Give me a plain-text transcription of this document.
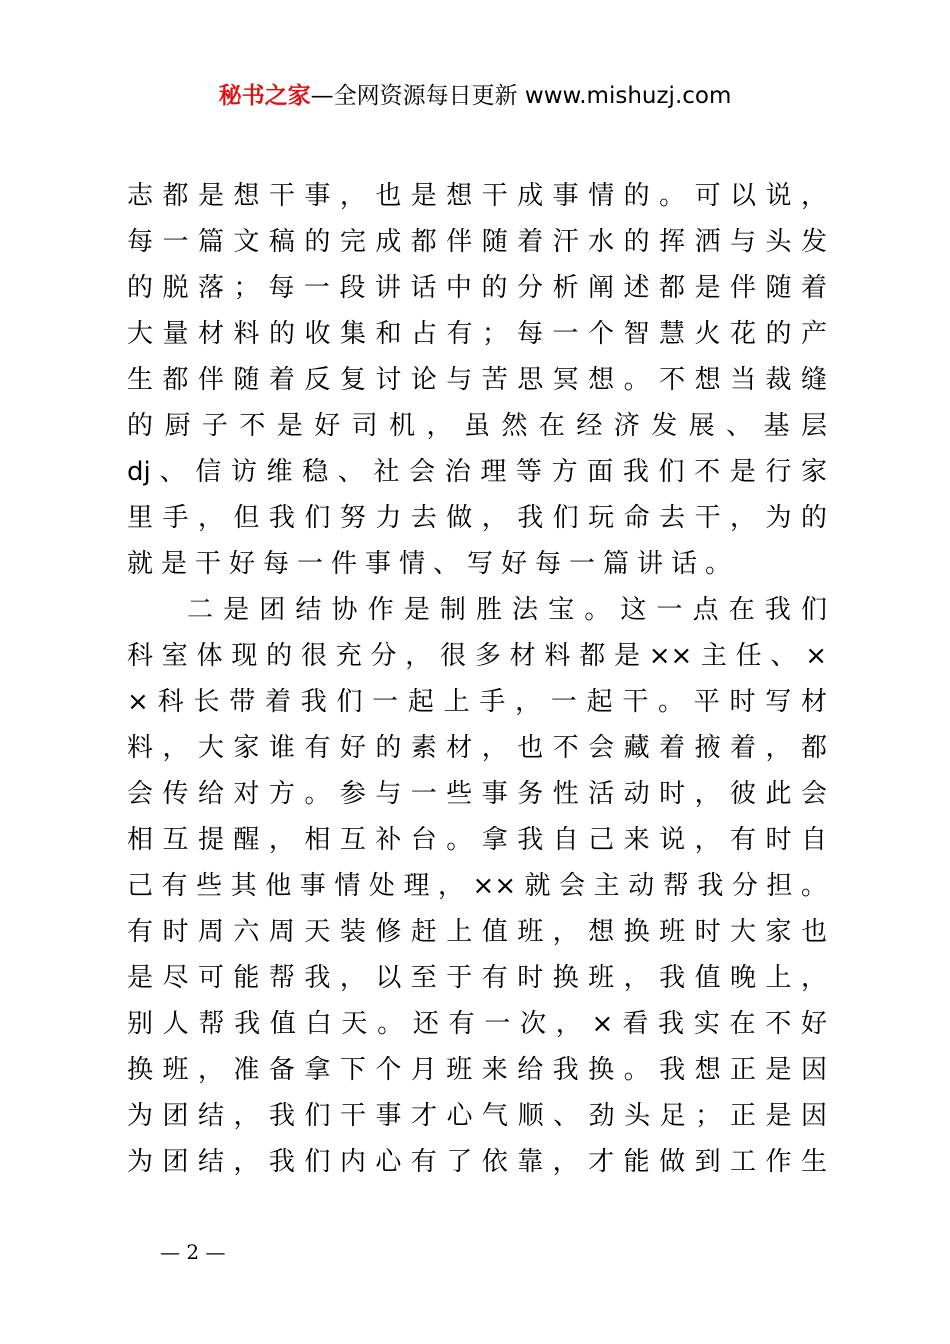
秘书之家—全网资源每日更新 www.mishuzj.com
志 都 是 想 干 事 ， 也 是 想 干 成 事 情 的 。 可 以 说 ，
每 一 篇 文 稿 的 完 成 都 伴 随 着 汗 水 的 挥 洒 与 头 发
的 脱 落 ； 每 一 段 讲 话 中 的 分 析 阐 述 都 是 伴 随 着
大 量 材 料 的 收 集 和 占 有 ； 每 一 个 智 慧 火 花 的 产
生 都 伴 随 着 反 复 讨 论 与 苦 思 冥 想 。 不 想 当 裁 缝
的 厨 子 不 是 好 司 机 ， 虽 然 在 经 济 发 展 、 基 层
dj 、 信 访 维 稳 、 社 会 治 理 等 方 面 我 们 不 是 行 家
里 手 ， 但 我 们 努 力 去 做 ， 我 们 玩 命 去 干 ， 为 的
就是干好每一件事情、写好每一篇讲话。
二 是 团 结 协 作 是 制 胜 法 宝 。 这 一 点 在 我 们
科 室 体 现 的 很 充 分 ， 很 多 材 料 都 是 ×× 主 任 、 ×
× 科 长 带 着 我 们 一 起 上 手 ， 一 起 干 。 平 时 写 材
料 ， 大 家 谁 有 好 的 素 材 ， 也 不 会 藏 着 掖 着 ， 都
会 传 给 对 方 。 参 与 一 些 事 务 性 活 动 时 ， 彼 此 会
相 互 提 醒 ， 相 互 补 台 。 拿 我 自 己 来 说 ， 有 时 自
己 有 些 其 他 事 情 处 理 ， ×× 就 会 主 动 帮 我 分 担 。
有 时 周 六 周 天 装 修 赶 上 值 班 ， 想 换 班 时 大 家 也
是 尽 可 能 帮 我 ， 以 至 于 有 时 换 班 ， 我 值 晚 上 ，
别 人 帮 我 值 白 天 。 还 有 一 次 ， × 看 我 实 在 不 好
换 班 ， 准 备 拿 下 个 月 班 来 给 我 换 。 我 想 正 是 因
为 团 结 ， 我 们 干 事 才 心 气 顺 、 劲 头 足 ； 正 是 因
为 团 结 ， 我 们 内 心 有 了 依 靠 ， 才 能 做 到 工 作 生
— 2 —
